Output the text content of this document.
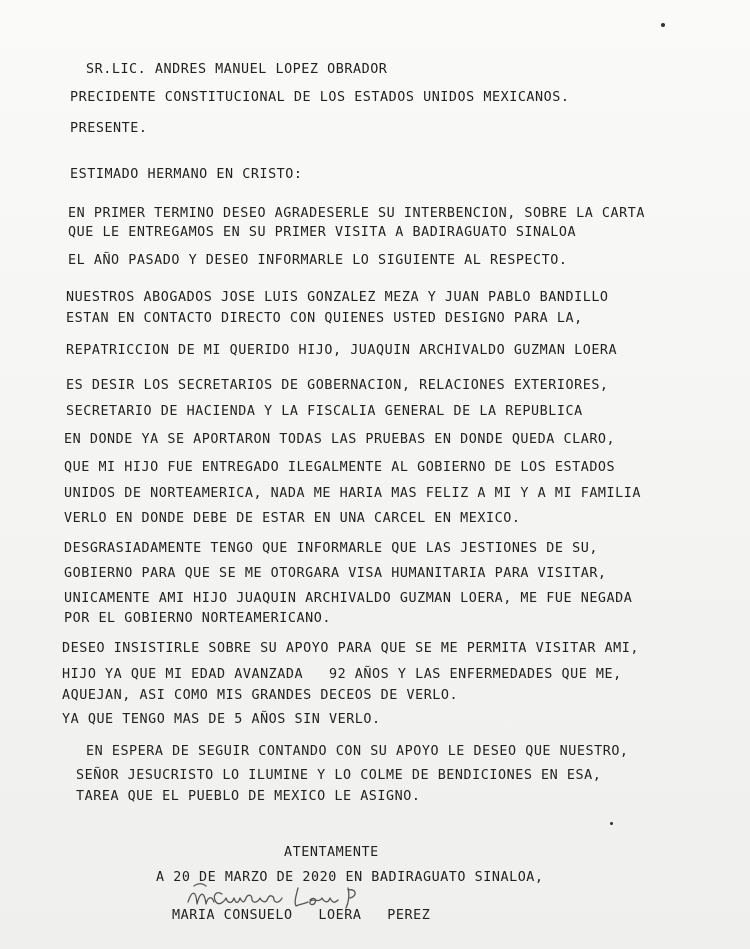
SR.LIC. ANDRES MANUEL LOPEZ OBRADOR
PRECIDENTE CONSTITUCIONAL DE LOS ESTADOS UNIDOS MEXICANOS.
PRESENTE.
ESTIMADO HERMANO EN CRISTO:
EN PRIMER TERMINO DESEO AGRADESERLE SU INTERBENCION, SOBRE LA CARTA
QUE LE ENTREGAMOS EN SU PRIMER VISITA A BADIRAGUATO SINALOA
EL AÑO PASADO Y DESEO INFORMARLE LO SIGUIENTE AL RESPECTO.
NUESTROS ABOGADOS JOSE LUIS GONZALEZ MEZA Y JUAN PABLO BANDILLO
ESTAN EN CONTACTO DIRECTO CON QUIENES USTED DESIGNO PARA LA,
REPATRICCION DE MI QUERIDO HIJO, JUAQUIN ARCHIVALDO GUZMAN LOERA
ES DESIR LOS SECRETARIOS DE GOBERNACION, RELACIONES EXTERIORES,
SECRETARIO DE HACIENDA Y LA FISCALIA GENERAL DE LA REPUBLICA
EN DONDE YA SE APORTARON TODAS LAS PRUEBAS EN DONDE QUEDA CLARO,
QUE MI HIJO FUE ENTREGADO ILEGALMENTE AL GOBIERNO DE LOS ESTADOS
UNIDOS DE NORTEAMERICA, NADA ME HARIA MAS FELIZ A MI Y A MI FAMILIA
VERLO EN DONDE DEBE DE ESTAR EN UNA CARCEL EN MEXICO.
DESGRASIADAMENTE TENGO QUE INFORMARLE QUE LAS JESTIONES DE SU,
GOBIERNO PARA QUE SE ME OTORGARA VISA HUMANITARIA PARA VISITAR,
UNICAMENTE AMI HIJO JUAQUIN ARCHIVALDO GUZMAN LOERA, ME FUE NEGADA
POR EL GOBIERNO NORTEAMERICANO.
DESEO INSISTIRLE SOBRE SU APOYO PARA QUE SE ME PERMITA VISITAR AMI,
HIJO YA QUE MI EDAD AVANZADA   92 AÑOS Y LAS ENFERMEDADES QUE ME,
AQUEJAN, ASI COMO MIS GRANDES DECEOS DE VERLO.
YA QUE TENGO MAS DE 5 AÑOS SIN VERLO.
EN ESPERA DE SEGUIR CONTANDO CON SU APOYO LE DESEO QUE NUESTRO,
SEÑOR JESUCRISTO LO ILUMINE Y LO COLME DE BENDICIONES EN ESA,
TAREA QUE EL PUEBLO DE MEXICO LE ASIGNO.
ATENTAMENTE
A 20 DE MARZO DE 2020 EN BADIRAGUATO SINALOA,
MARIA CONSUELO   LOERA   PEREZ
